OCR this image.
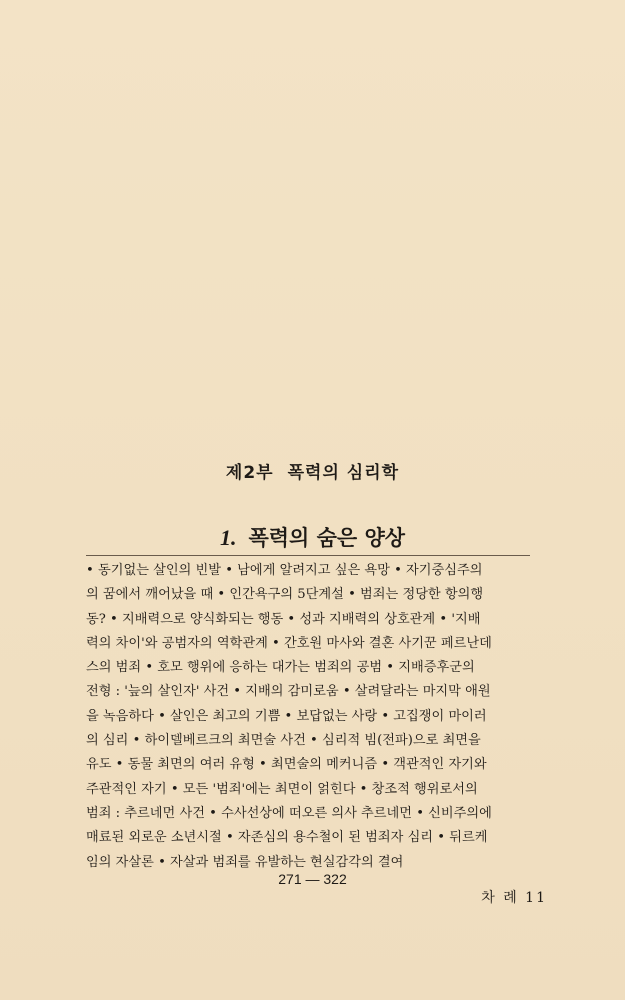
제2부 폭력의 심리학
1. 폭력의 숨은 양상
• 동기없는 살인의 빈발 • 남에게 알려지고 싶은 욕망 • 자기중심주의
의 꿈에서 깨어났을 때 • 인간욕구의 5단계설 • 범죄는 정당한 항의행
동? • 지배력으로 양식화되는 행동 • 성과 지배력의 상호관계 • '지배
력의 차이'와 공범자의 역학관계 • 간호원 마사와 결혼 사기꾼 페르난데
스의 범죄 • 호모 행위에 응하는 대가는 범죄의 공범 • 지배증후군의
전형 : '늪의 살인자' 사건 • 지배의 감미로움 • 살려달라는 마지막 애원
을 녹음하다 • 살인은 최고의 기쁨 • 보답없는 사랑 • 고집쟁이 마이러
의 심리 • 하이델베르크의 최면술 사건 • 심리적 빔(전파)으로 최면을
유도 • 동물 최면의 여러 유형 • 최면술의 메커니즘 • 객관적인 자기와
주관적인 자기 • 모든 '범죄'에는 최면이 얽힌다 • 창조적 행위로서의
범죄 : 추르네먼 사건 • 수사선상에 떠오른 의사 추르네먼 • 신비주의에
매료된 외로운 소년시절 • 자존심의 용수철이 된 범죄자 심리 • 뒤르케
임의 자살론 • 자살과 범죄를 유발하는 현실감각의 결여
271 — 322
차 례 11
